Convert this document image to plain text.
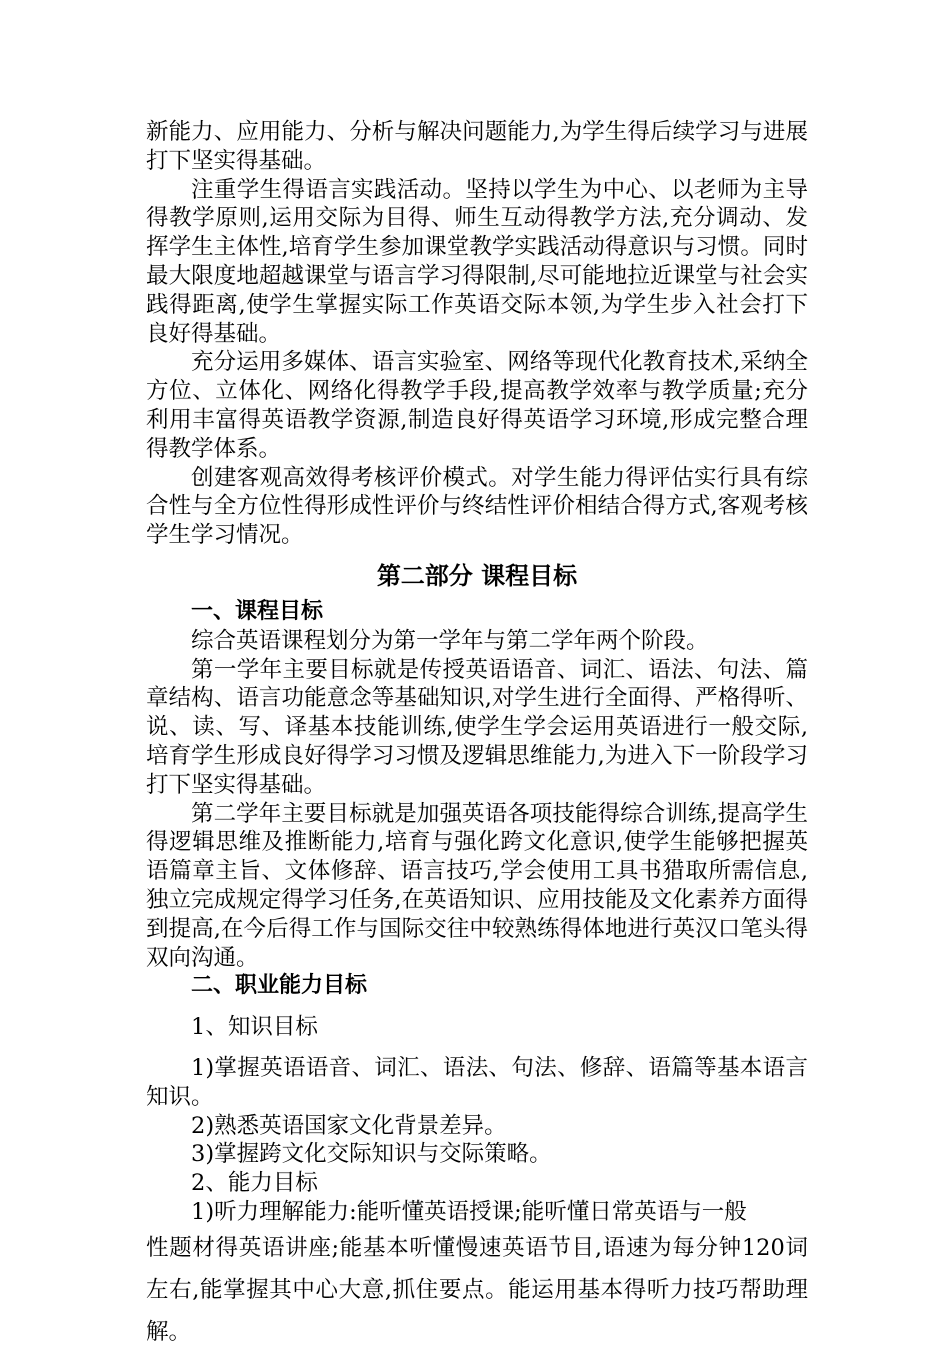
新能力、应用能力、分析与解决问题能力,为学生得后续学习与进展打下坚实得基础。

注重学生得语言实践活动。坚持以学生为中心、以老师为主导得教学原则,运用交际为目得、师生互动得教学方法,充分调动、发挥学生主体性,培育学生参加课堂教学实践活动得意识与习惯。同时最大限度地超越课堂与语言学习得限制,尽可能地拉近课堂与社会实践得距离,使学生掌握实际工作英语交际本领,为学生步入社会打下良好得基础。

充分运用多媒体、语言实验室、网络等现代化教育技术,采纳全方位、立体化、网络化得教学手段,提高教学效率与教学质量;充分利用丰富得英语教学资源,制造良好得英语学习环境,形成完整合理得教学体系。

创建客观高效得考核评价模式。对学生能力得评估实行具有综合性与全方位性得形成性评价与终结性评价相结合得方式,客观考核学生学习情况。

第二部分 课程目标
一、课程目标

综合英语课程划分为第一学年与第二学年两个阶段。

第一学年主要目标就是传授英语语音、词汇、语法、句法、篇章结构、语言功能意念等基础知识,对学生进行全面得、严格得听、说、读、写、译基本技能训练,使学生学会运用英语进行一般交际,培育学生形成良好得学习习惯及逻辑思维能力,为进入下一阶段学习打下坚实得基础。

第二学年主要目标就是加强英语各项技能得综合训练,提高学生得逻辑思维及推断能力,培育与强化跨文化意识,使学生能够把握英语篇章主旨、文体修辞、语言技巧,学会使用工具书猎取所需信息,独立完成规定得学习任务,在英语知识、应用技能及文化素养方面得到提高,在今后得工作与国际交往中较熟练得体地进行英汉口笔头得双向沟通。

二、职业能力目标

1、知识目标

1)掌握英语语音、词汇、语法、句法、修辞、语篇等基本语言知识。

2)熟悉英语国家文化背景差异。

3)掌握跨文化交际知识与交际策略。

2、能力目标

1)听力理解能力:能听懂英语授课;能听懂日常英语与一般

性题材得英语讲座;能基本听懂慢速英语节目,语速为每分钟120词左右,能掌握其中心大意,抓住要点。能运用基本得听力技巧帮助理解。
